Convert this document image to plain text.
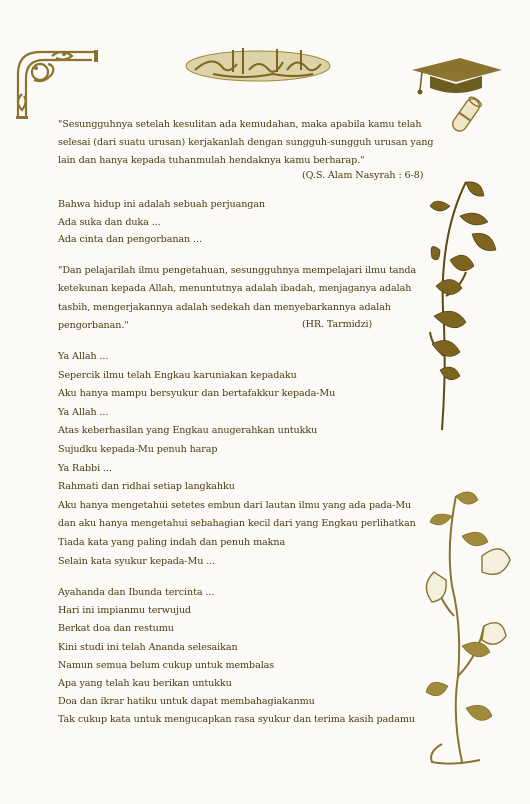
"Sesungguhnya setelah kesulitan ada kemudahan, maka apabila kamu telah
selesai (dari suatu urusan) kerjakanlah dengan sungguh-sungguh urusan yang
lain dan hanya kepada tuhanmulah hendaknya kamu berharap."
(Q.S. Alam Nasyrah : 6-8)
Bahwa hidup ini adalah sebuah perjuangan
Ada suka dan duka ...
Ada cinta dan pengorbanan ...
"Dan pelajarilah ilmu pengetahuan, sesungguhnya mempelajari ilmu tanda
ketekunan kepada Allah, menuntutnya adalah ibadah, menjaganya adalah
tasbih, mengerjakannya adalah sedekah dan menyebarkannya adalah
pengorbanan."	(HR. Tarmidzi)
Ya Allah ...
Sepercik ilmu telah Engkau karuniakan kepadaku
Aku hanya mampu bersyukur dan bertafakkur kepada-Mu
Ya Allah ...
Atas keberhasilan yang Engkau anugerahkan untukku
Sujudku kepada-Mu penuh harap
Ya Rabbi ...
Rahmati dan ridhai setiap langkahku
Aku hanya mengetahui setetes embun dari lautan ilmu yang ada pada-Mu
dan aku hanya mengetahui sebahagian kecil dari yang Engkau perlihatkan
Tiada kata yang paling indah dan penuh makna
Selain kata syukur kepada-Mu ...
Ayahanda dan Ibunda tercinta ...
Hari ini impianmu terwujud
Berkat doa dan restumu
Kini studi ini telah Ananda selesaikan
Namun semua belum cukup untuk membalas
Apa yang telah kau berikan untukku
Doa dan ikrar hatiku untuk dapat membahagiakanmu
Tak cukup kata untuk mengucapkan rasa syukur dan terima kasih padamu
